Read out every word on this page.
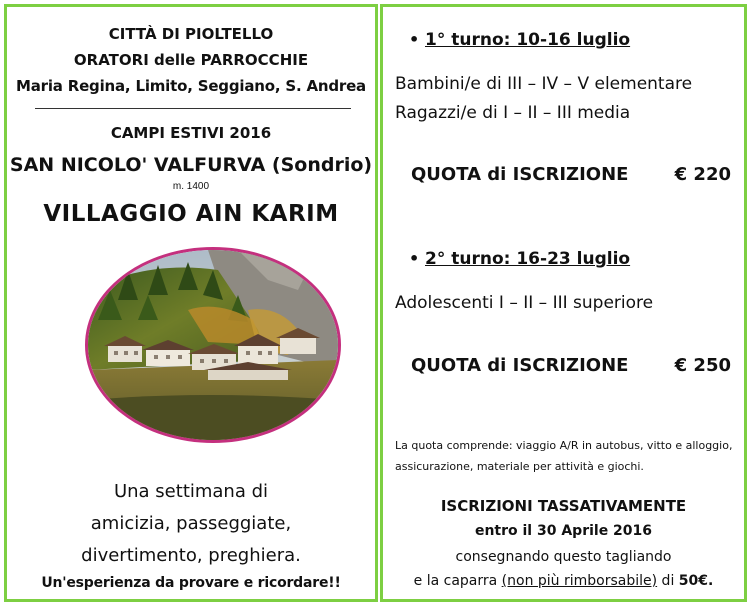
CITTÀ DI PIOLTELLO
ORATORI delle PARROCCHIE
Maria Regina, Limito, Seggiano, S. Andrea
CAMPI ESTIVI 2016
SAN NICOLO' VALFURVA (Sondrio)
m. 1400
VILLAGGIO AIN KARIM
Una settimana di
amicizia, passeggiate,
divertimento, preghiera.
Un'esperienza da provare e ricordare!!
• 1° turno: 10-16 luglio
Bambini/e di III – IV – V elementare
Ragazzi/e di I – II – III media
QUOTA di ISCRIZIONE	€ 220
• 2° turno: 16-23 luglio
Adolescenti I – II – III superiore
QUOTA di ISCRIZIONE	€ 250
La quota comprende: viaggio A/R in autobus, vitto e alloggio,
assicurazione, materiale per attività e giochi.
ISCRIZIONI TASSATIVAMENTE
entro il 30 Aprile 2016
consegnando questo tagliando
e la caparra (non più rimborsabile) di 50€.
